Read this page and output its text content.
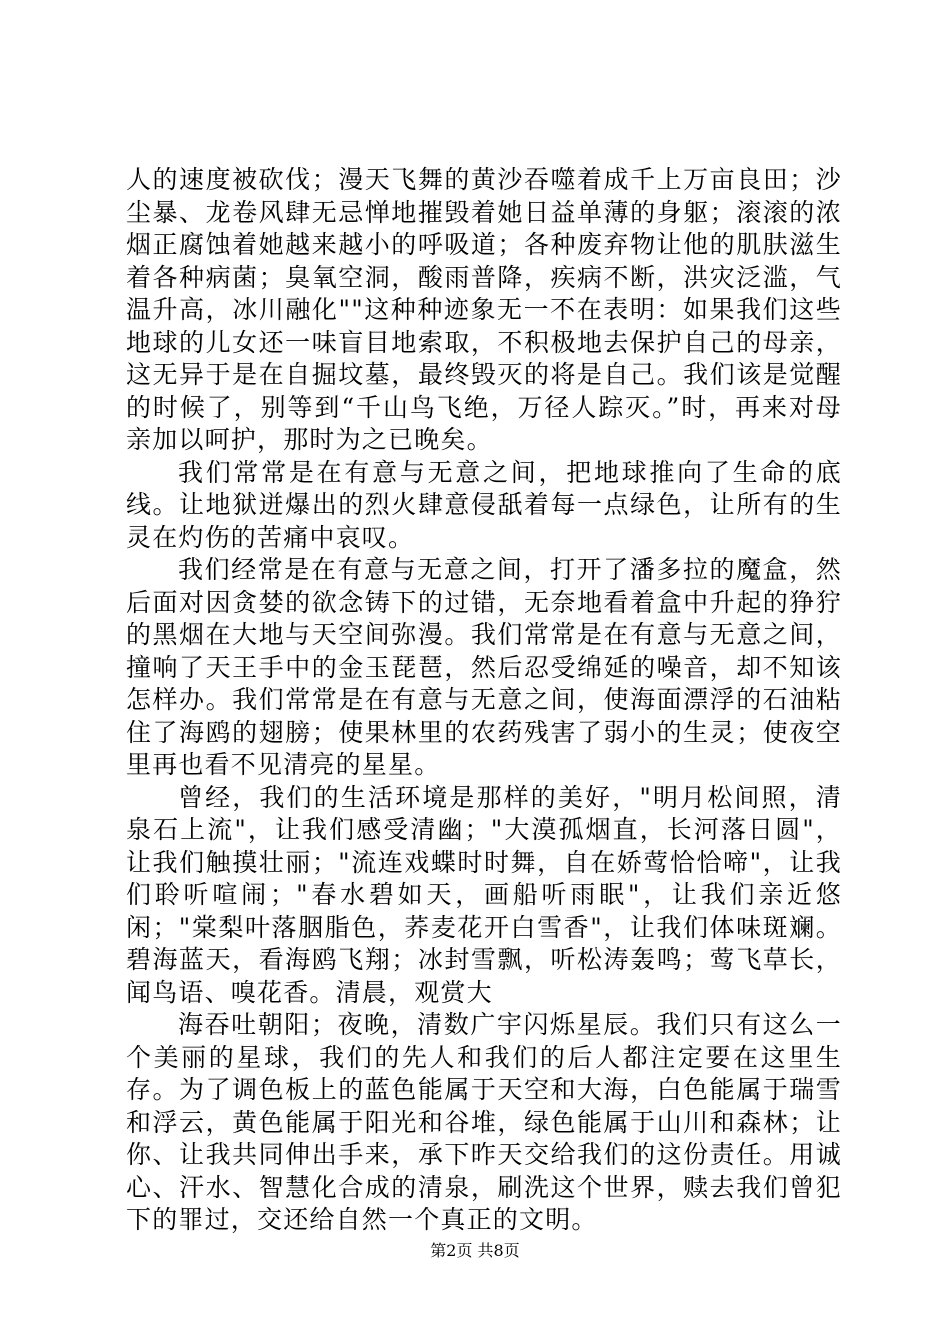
人的速度被砍伐；漫天飞舞的黄沙吞噬着成千上万亩良田；沙尘暴、龙卷风肆无忌惮地摧毁着她日益单薄的身躯；滚滚的浓烟正腐蚀着她越来越小的呼吸道；各种废弃物让他的肌肤滋生着各种病菌；臭氧空洞，酸雨普降，疾病不断，洪灾泛滥，气温升高，冰川融化""这种种迹象无一不在表明：如果我们这些地球的儿女还一味盲目地索取，不积极地去保护自己的母亲，这无异于是在自掘坟墓，最终毁灭的将是自己。我们该是觉醒的时候了，别等到“千山鸟飞绝，万径人踪灭。”时，再来对母亲加以呵护，那时为之已晚矣。

我们常常是在有意与无意之间，把地球推向了生命的底线。让地狱迸爆出的烈火肆意侵舐着每一点绿色，让所有的生灵在灼伤的苦痛中哀叹。

我们经常是在有意与无意之间，打开了潘多拉的魔盒，然后面对因贪婪的欲念铸下的过错，无奈地看着盒中升起的狰狞的黑烟在大地与天空间弥漫。我们常常是在有意与无意之间，撞响了天王手中的金玉琵琶，然后忍受绵延的噪音，却不知该怎样办。我们常常是在有意与无意之间，使海面漂浮的石油粘住了海鸥的翅膀；使果林里的农药残害了弱小的生灵；使夜空里再也看不见清亮的星星。

曾经，我们的生活环境是那样的美好，"明月松间照，清泉石上流"，让我们感受清幽；"大漠孤烟直，长河落日圆"，让我们触摸壮丽；"流连戏蝶时时舞，自在娇莺恰恰啼"，让我们聆听喧闹；"春水碧如天，画船听雨眠"，让我们亲近悠闲；"棠梨叶落胭脂色，荞麦花开白雪香"，让我们体味斑斓。碧海蓝天，看海鸥飞翔；冰封雪飘，听松涛轰鸣；莺飞草长，闻鸟语、嗅花香。清晨，观赏大

海吞吐朝阳；夜晚，清数广宇闪烁星辰。我们只有这么一个美丽的星球，我们的先人和我们的后人都注定要在这里生存。为了调色板上的蓝色能属于天空和大海，白色能属于瑞雪和浮云，黄色能属于阳光和谷堆，绿色能属于山川和森林；让你、让我共同伸出手来，承下昨天交给我们的这份责任。用诚心、汗水、智慧化合成的清泉，刷洗这个世界，赎去我们曾犯下的罪过，交还给自然一个真正的文明。

第2页 共8页
